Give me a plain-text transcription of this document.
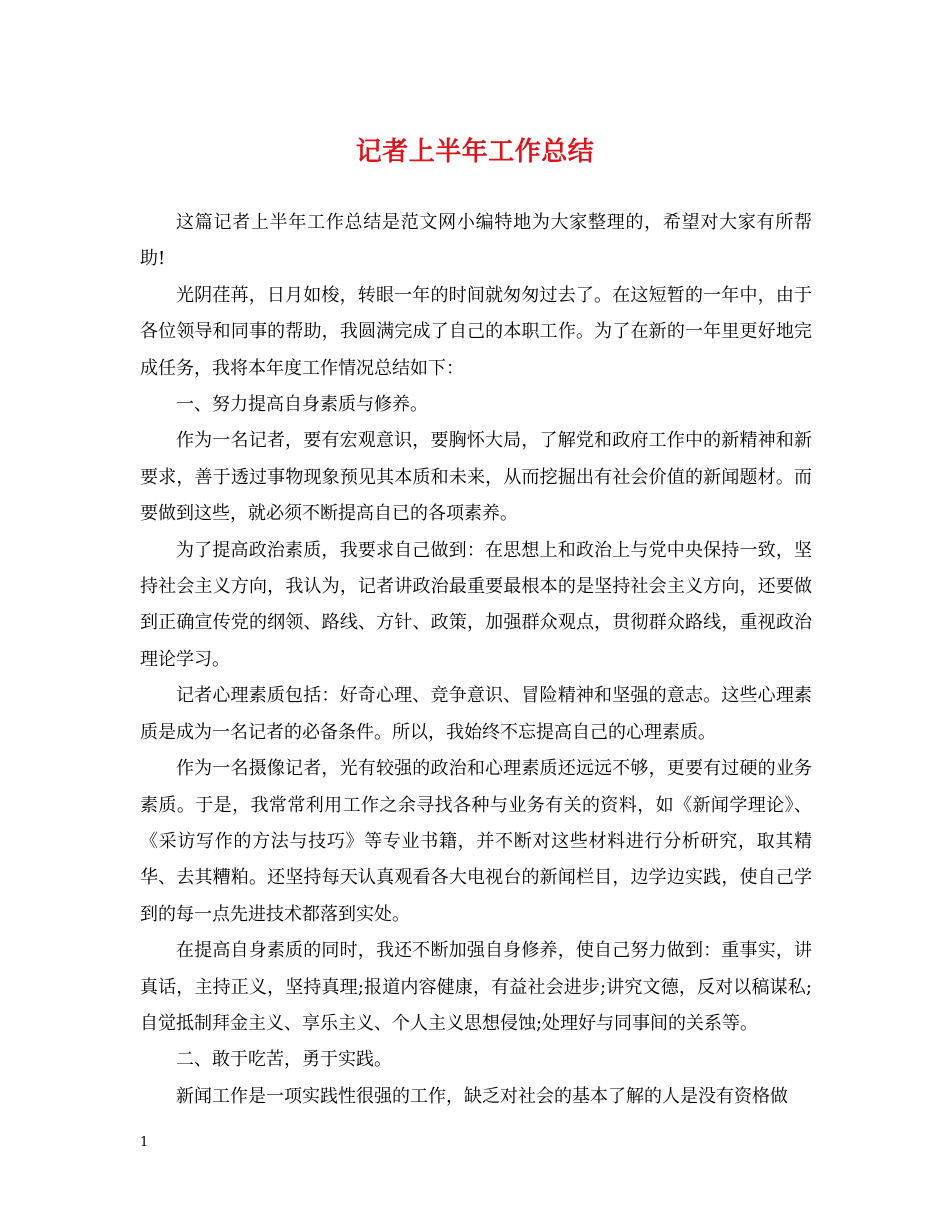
记者上半年工作总结

这篇记者上半年工作总结是范文网小编特地为大家整理的，希望对大家有所帮助!

光阴荏苒，日月如梭，转眼一年的时间就匆匆过去了。在这短暂的一年中，由于各位领导和同事的帮助，我圆满完成了自己的本职工作。为了在新的一年里更好地完成任务，我将本年度工作情况总结如下：

一、努力提高自身素质与修养。

作为一名记者，要有宏观意识，要胸怀大局，了解党和政府工作中的新精神和新要求，善于透过事物现象预见其本质和未来，从而挖掘出有社会价值的新闻题材。而要做到这些，就必须不断提高自已的各项素养。

为了提高政治素质，我要求自己做到：在思想上和政治上与党中央保持一致，坚持社会主义方向，我认为，记者讲政治最重要最根本的是坚持社会主义方向，还要做到正确宣传党的纲领、路线、方针、政策，加强群众观点，贯彻群众路线，重视政治理论学习。

记者心理素质包括：好奇心理、竞争意识、冒险精神和坚强的意志。这些心理素质是成为一名记者的必备条件。所以，我始终不忘提高自己的心理素质。

作为一名摄像记者，光有较强的政治和心理素质还远远不够，更要有过硬的业务素质。于是，我常常利用工作之余寻找各种与业务有关的资料，如《新闻学理论》、《采访写作的方法与技巧》等专业书籍，并不断对这些材料进行分析研究，取其精华、去其糟粕。还坚持每天认真观看各大电视台的新闻栏目，边学边实践，使自己学到的每一点先进技术都落到实处。

在提高自身素质的同时，我还不断加强自身修养，使自己努力做到：重事实，讲真话，主持正义，坚持真理;报道内容健康，有益社会进步;讲究文德，反对以稿谋私;自觉抵制拜金主义、享乐主义、个人主义思想侵蚀;处理好与同事间的关系等。

二、敢于吃苦，勇于实践。

新闻工作是一项实践性很强的工作，缺乏对社会的基本了解的人是没有资格做

1
